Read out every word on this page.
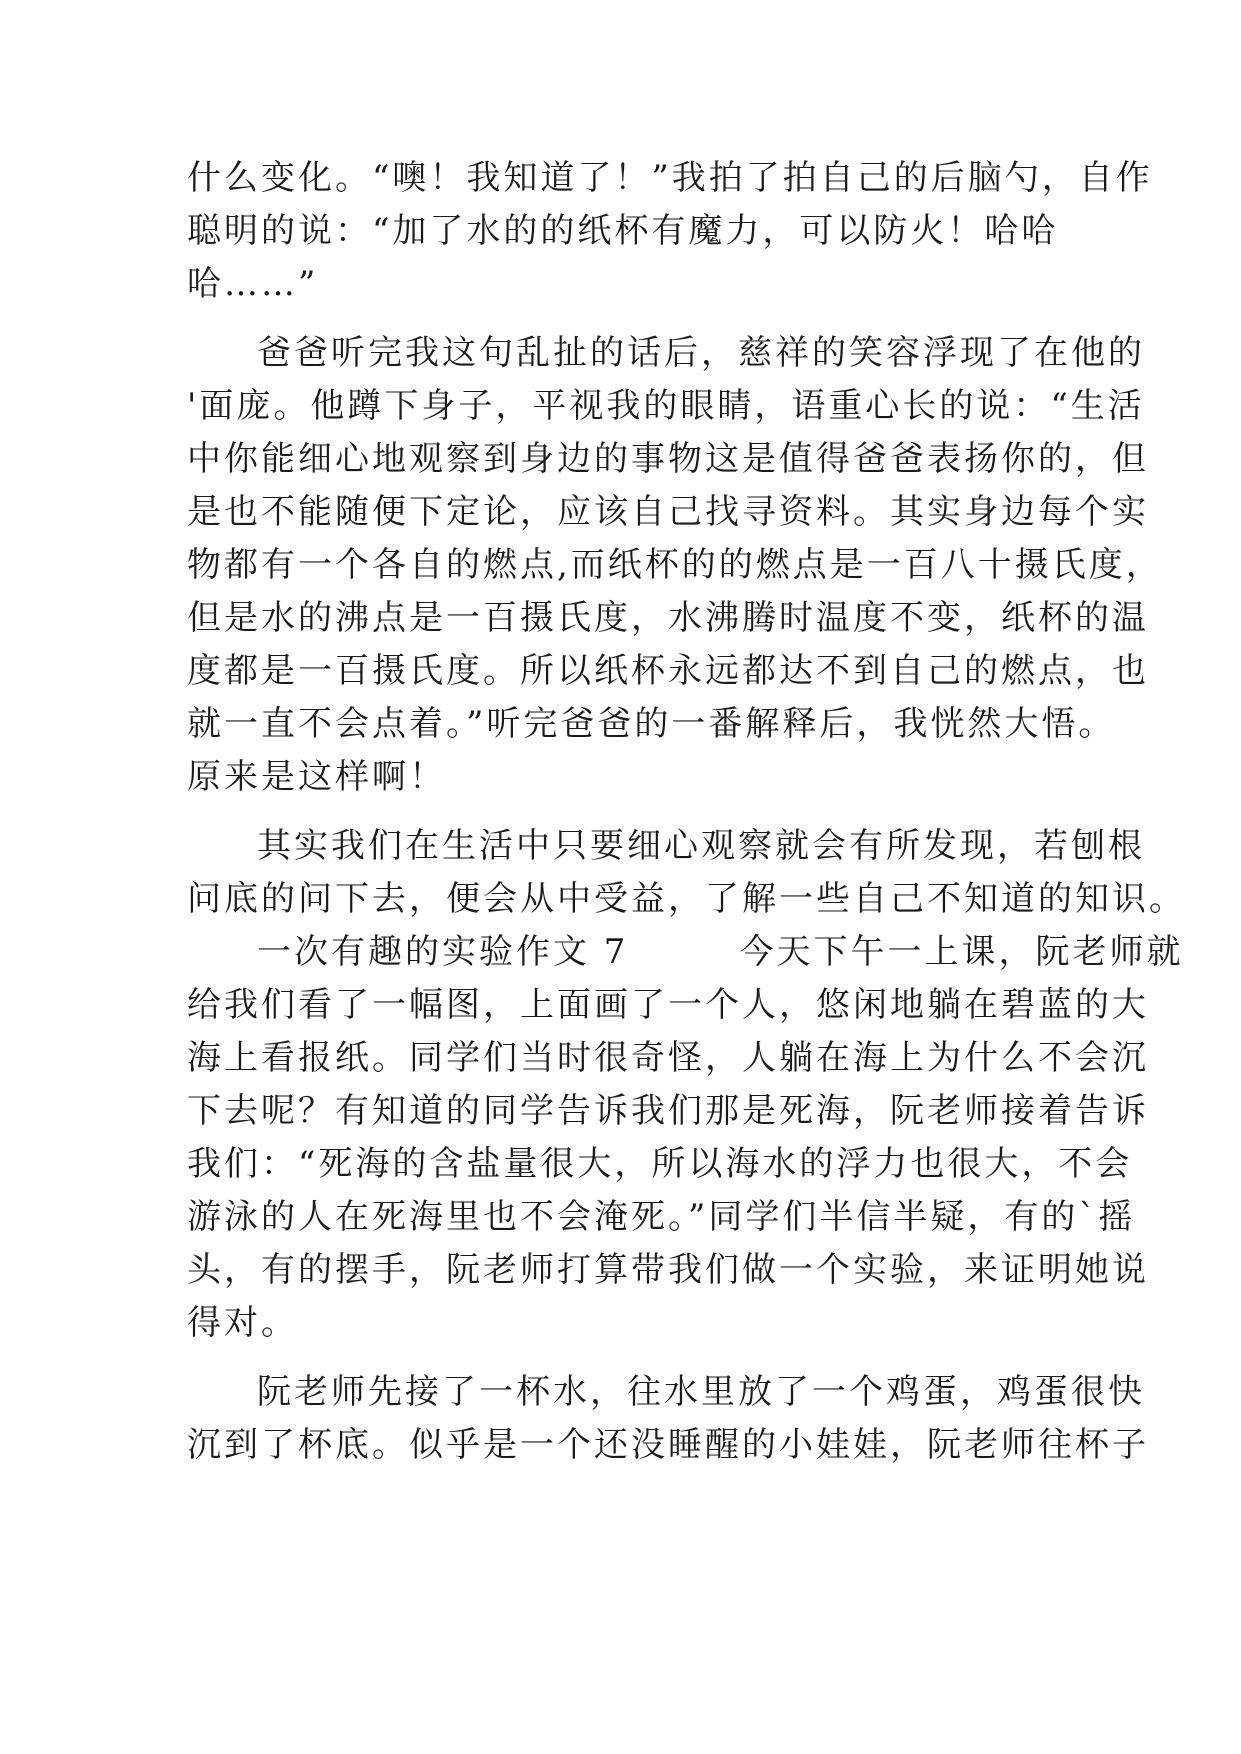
什么变化。“噢！我知道了！”我拍了拍自己的后脑勺，自作
聪明的说：“加了水的的纸杯有魔力，可以防火！哈哈
哈……”
爸爸听完我这句乱扯的话后，慈祥的笑容浮现了在他的
'面庞。他蹲下身子，平视我的眼睛，语重心长的说：“生活
中你能细心地观察到身边的事物这是值得爸爸表扬你的，但
是也不能随便下定论，应该自己找寻资料。其实身边每个实
物都有一个各自的燃点,而纸杯的的燃点是一百八十摄氏度，
但是水的沸点是一百摄氏度，水沸腾时温度不变，纸杯的温
度都是一百摄氏度。所以纸杯永远都达不到自己的燃点，也
就一直不会点着。”听完爸爸的一番解释后，我恍然大悟。
原来是这样啊！
其实我们在生活中只要细心观察就会有所发现，若刨根
问底的问下去，便会从中受益，了解一些自己不知道的知识。
一次有趣的实验作文 7　　　今天下午一上课，阮老师就
给我们看了一幅图，上面画了一个人，悠闲地躺在碧蓝的大
海上看报纸。同学们当时很奇怪，人躺在海上为什么不会沉
下去呢？有知道的同学告诉我们那是死海，阮老师接着告诉
我们：“死海的含盐量很大，所以海水的浮力也很大，不会
游泳的人在死海里也不会淹死。”同学们半信半疑，有的`摇
头，有的摆手，阮老师打算带我们做一个实验，来证明她说
得对。
阮老师先接了一杯水，往水里放了一个鸡蛋，鸡蛋很快
沉到了杯底。似乎是一个还没睡醒的小娃娃，阮老师往杯子
